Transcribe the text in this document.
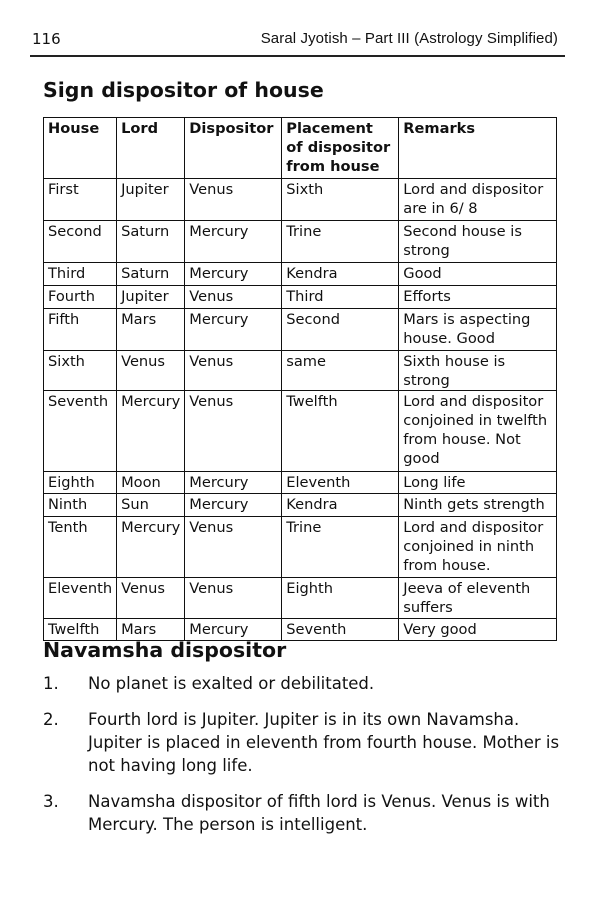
116	Saral Jyotish – Part III (Astrology Simplified)
Sign dispositor of house
House	Lord	Dispositor	Placement of dispositor from house	Remarks
First	Jupiter	Venus	Sixth	Lord and dispositor are in 6/ 8
Second	Saturn	Mercury	Trine	Second house is strong
Third	Saturn	Mercury	Kendra	Good
Fourth	Jupiter	Venus	Third	Efforts
Fifth	Mars	Mercury	Second	Mars is aspecting house. Good
Sixth	Venus	Venus	same	Sixth house is strong
Seventh	Mercury	Venus	Twelfth	Lord and dispositor conjoined in twelfth from house. Not good
Eighth	Moon	Mercury	Eleventh	Long life
Ninth	Sun	Mercury	Kendra	Ninth gets strength
Tenth	Mercury	Venus	Trine	Lord and dispositor conjoined in ninth from house.
Eleventh	Venus	Venus	Eighth	Jeeva of eleventh suffers
Twelfth	Mars	Mercury	Seventh	Very good
Navamsha dispositor
1. No planet is exalted or debilitated.
2. Fourth lord is Jupiter. Jupiter is in its own Navamsha. Jupiter is placed in eleventh from fourth house. Mother is not having long life.
3. Navamsha dispositor of fifth lord is Venus. Venus is with Mercury. The person is intelligent.
